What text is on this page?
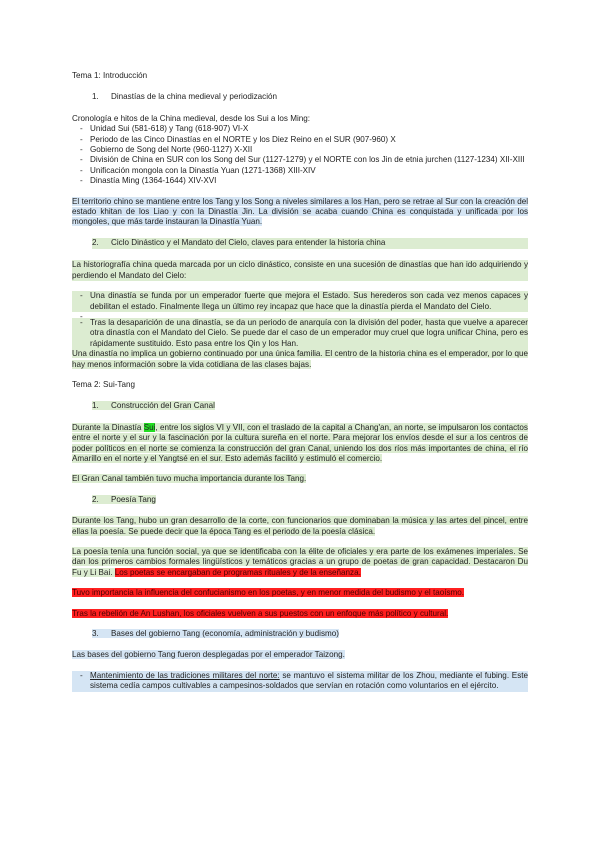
Tema 1: Introducción

1. Dinastías de la china medieval y periodización

Cronología e hitos de la China medieval, desde los Sui a los Ming:

- Unidad Sui (581-618) y Tang (618-907) VI-X
- Periodo de las Cinco Dinastías en el NORTE y los Diez Reino en el SUR (907-960) X
- Gobierno de Song del Norte (960-1127) X-XII
- División de China en SUR con los Song del Sur (1127-1279) y el NORTE con los Jin de etnia jurchen (1127-1234) XII-XIII
- Unificación mongola con la Dinastía Yuan (1271-1368) XIII-XIV
- Dinastía Ming (1364-1644) XIV-XVI

El territorio chino se mantiene entre los Tang y los Song a niveles similares a los Han, pero se retrae al Sur con la creación del estado khitan de los Liao y con la Dinastía Jin. La división se acaba cuando China es conquistada y unificada por los mongoles, que más tarde instauran la Dinastía Yuan.

2. Ciclo Dinástico y el Mandato del Cielo, claves para entender la historia china

La historiografía china queda marcada por un ciclo dinástico, consiste en una sucesión de dinastías que han ido adquiriendo y perdiendo el Mandato del Cielo:

- Una dinastía se funda por un emperador fuerte que mejora el Estado. Sus herederos son cada vez menos capaces y debilitan el estado. Finalmente llega un último rey incapaz que hace que la dinastía pierda el Mandato del Cielo.
-
- Tras la desaparición de una dinastía, se da un periodo de anarquía con la división del poder, hasta que vuelve a aparecer otra dinastía con el Mandato del Cielo. Se puede dar el caso de un emperador muy cruel que logra unificar China, pero es rápidamente sustituido. Esto pasa entre los Qin y los Han.

Una dinastía no implica un gobierno continuado por una única familia. El centro de la historia china es el emperador, por lo que hay menos información sobre la vida cotidiana de las clases bajas.

Tema 2: Sui-Tang

1. Construcción del Gran Canal

Durante la Dinastía Sui, entre los siglos VI y VII, con el traslado de la capital a Chang'an, an norte, se impulsaron los contactos entre el norte y el sur y la fascinación por la cultura sureña en el norte. Para mejorar los envíos desde el sur a los centros de poder políticos en el norte se comienza la construcción del gran Canal, uniendo los dos ríos más importantes de china, el río Amarillo en el norte y el Yangtsé en el sur. Esto además facilitó y estimuló el comercio.

El Gran Canal también tuvo mucha importancia durante los Tang.

2. Poesía Tang

Durante los Tang, hubo un gran desarrollo de la corte, con funcionarios que dominaban la música y las artes del pincel, entre ellas la poesía. Se puede decir que la época Tang es el periodo de la poesía clásica.

La poesía tenía una función social, ya que se identificaba con la élite de oficiales y era parte de los exámenes imperiales. Se dan los primeros cambios formales lingüísticos y temáticos gracias a un grupo de poetas de gran capacidad. Destacaron Du Fu y Li Bai. Los poetas se encargaban de programas rituales y de la enseñanza.

Tuvo importancia la influencia del confucianismo en los poetas, y en menor medida del budismo y el taoísmo.

Tras la rebelión de An Lushan, los oficiales vuelven a sus puestos con un enfoque más político y cultural.

3. Bases del gobierno Tang (economía, administración y budismo)

Las bases del gobierno Tang fueron desplegadas por el emperador Taizong.

- Mantenimiento de las tradiciones militares del norte: se mantuvo el sistema militar de los Zhou, mediante el fubing. Este sistema cedía campos cultivables a campesinos-soldados que servían en rotación como voluntarios en el ejército.
